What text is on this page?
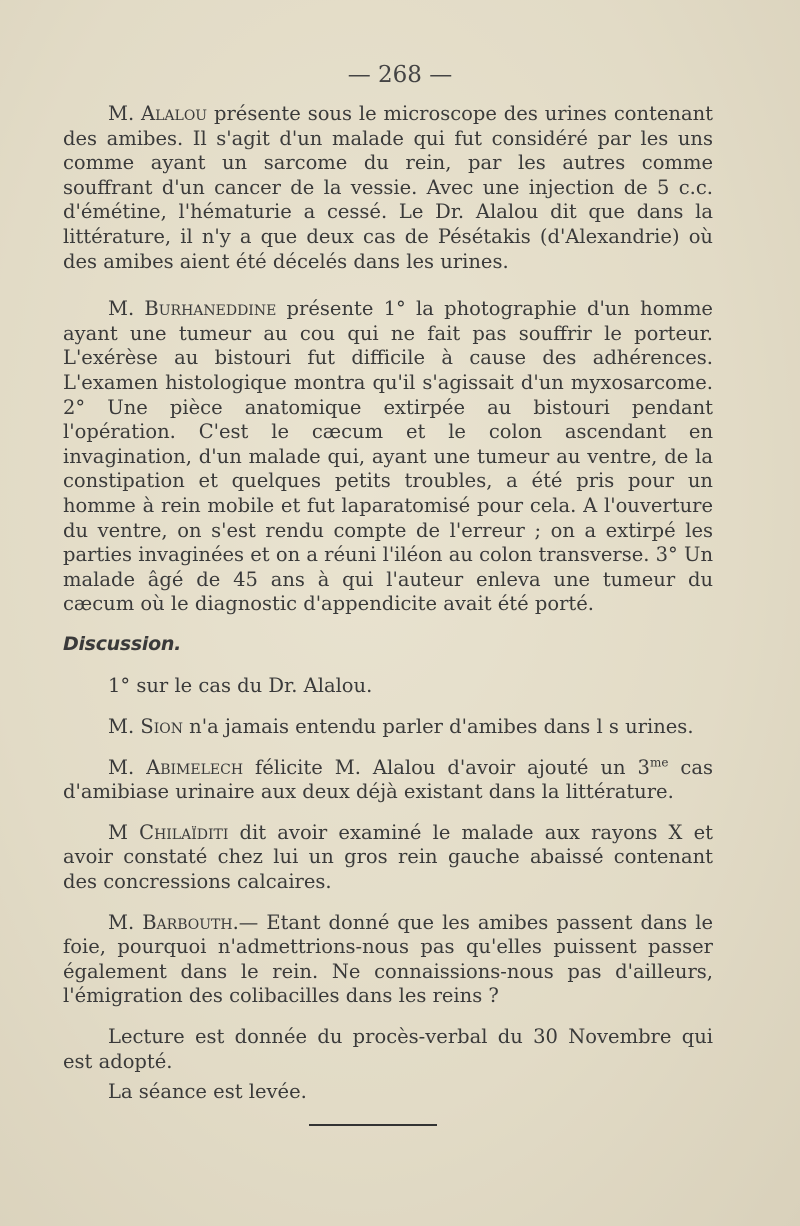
— 268 —

M. Alalou présente sous le microscope des urines contenant des amibes. Il s'agit d'un malade qui fut considéré par les uns comme ayant un sarcome du rein, par les autres comme souffrant d'un cancer de la vessie. Avec une injection de 5 c.c. d'émétine, l'hématurie a cessé. Le Dr. Alalou dit que dans la littérature, il n'y a que deux cas de Pésétakis (d'Alexandrie) où des amibes aient été décelés dans les urines.

M. Burhaneddine présente 1° la photographie d'un homme ayant une tumeur au cou qui ne fait pas souffrir le porteur. L'exérèse au bistouri fut difficile à cause des adhérences. L'examen histologique montra qu'il s'agissait d'un myxosarcome. 2° Une pièce anatomique extirpée au bistouri pendant l'opération. C'est le cæcum et le colon ascendant en invagination, d'un malade qui, ayant une tumeur au ventre, de la constipation et quelques petits troubles, a été pris pour un homme à rein mobile et fut laparatomisé pour cela. A l'ouverture du ventre, on s'est rendu compte de l'erreur ; on a extirpé les parties invaginées et on a réuni l'iléon au colon transverse. 3° Un malade âgé de 45 ans à qui l'auteur enleva une tumeur du cæcum où le diagnostic d'appendicite avait été porté.

Discussion.

1° sur le cas du Dr. Alalou.

M. Sion n'a jamais entendu parler d'amibes dans l s urines.

M. Abimelech félicite M. Alalou d'avoir ajouté un $3^{me}$ cas d'amibiase urinaire aux deux déjà existant dans la littérature.

M Chilaïditi dit avoir examiné le malade aux rayons X et avoir constaté chez lui un gros rein gauche abaissé contenant des concressions calcaires.

M. Barbouth.— Etant donné que les amibes passent dans le foie, pourquoi n'admettrions-nous pas qu'elles puissent passer également dans le rein. Ne connaissions-nous pas d'ailleurs, l'émigration des colibacilles dans les reins ?

Lecture est donnée du procès-verbal du 30 Novembre qui est adopté.

La séance est levée.
